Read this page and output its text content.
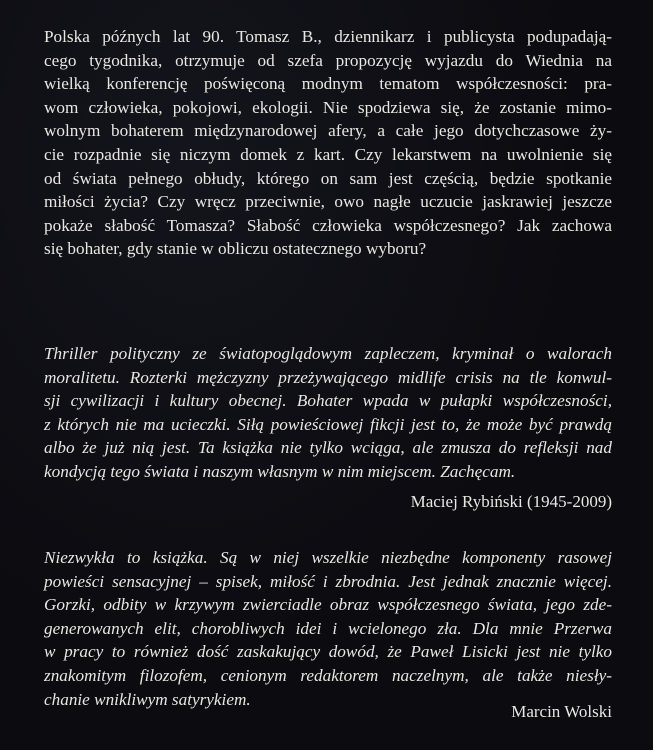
Polska późnych lat 90. Tomasz B., dziennikarz i publicysta podupadają-
cego tygodnika, otrzymuje od szefa propozycję wyjazdu do Wiednia na
wielką konferencję poświęconą modnym tematom współczesności: pra-
wom człowieka, pokojowi, ekologii. Nie spodziewa się, że zostanie mimo-
wolnym bohaterem międzynarodowej afery, a całe jego dotychczasowe ży-
cie rozpadnie się niczym domek z kart. Czy lekarstwem na uwolnienie się
od świata pełnego obłudy, którego on sam jest częścią, będzie spotkanie
miłości życia? Czy wręcz przeciwnie, owo nagłe uczucie jaskrawiej jeszcze
pokaże słabość Tomasza? Słabość człowieka współczesnego? Jak zachowa
się bohater, gdy stanie w obliczu ostatecznego wyboru?
Thriller polityczny ze światopoglądowym zapleczem, kryminał o walorach
moralitetu. Rozterki mężczyzny przeżywającego midlife crisis na tle konwul-
sji cywilizacji i kultury obecnej. Bohater wpada w pułapki współczesności,
z których nie ma ucieczki. Siłą powieściowej fikcji jest to, że może być prawdą
albo że już nią jest. Ta książka nie tylko wciąga, ale zmusza do refleksji nad
kondycją tego świata i naszym własnym w nim miejscem. Zachęcam.
Maciej Rybiński (1945-2009)
Niezwykła to książka. Są w niej wszelkie niezbędne komponenty rasowej
powieści sensacyjnej – spisek, miłość i zbrodnia. Jest jednak znacznie więcej.
Gorzki, odbity w krzywym zwierciadle obraz współczesnego świata, jego zde-
generowanych elit, chorobliwych idei i wcielonego zła. Dla mnie Przerwa
w pracy to również dość zaskakujący dowód, że Paweł Lisicki jest nie tylko
znakomitym filozofem, cenionym redaktorem naczelnym, ale także niesły-
chanie wnikliwym satyrykiem.
Marcin Wolski
